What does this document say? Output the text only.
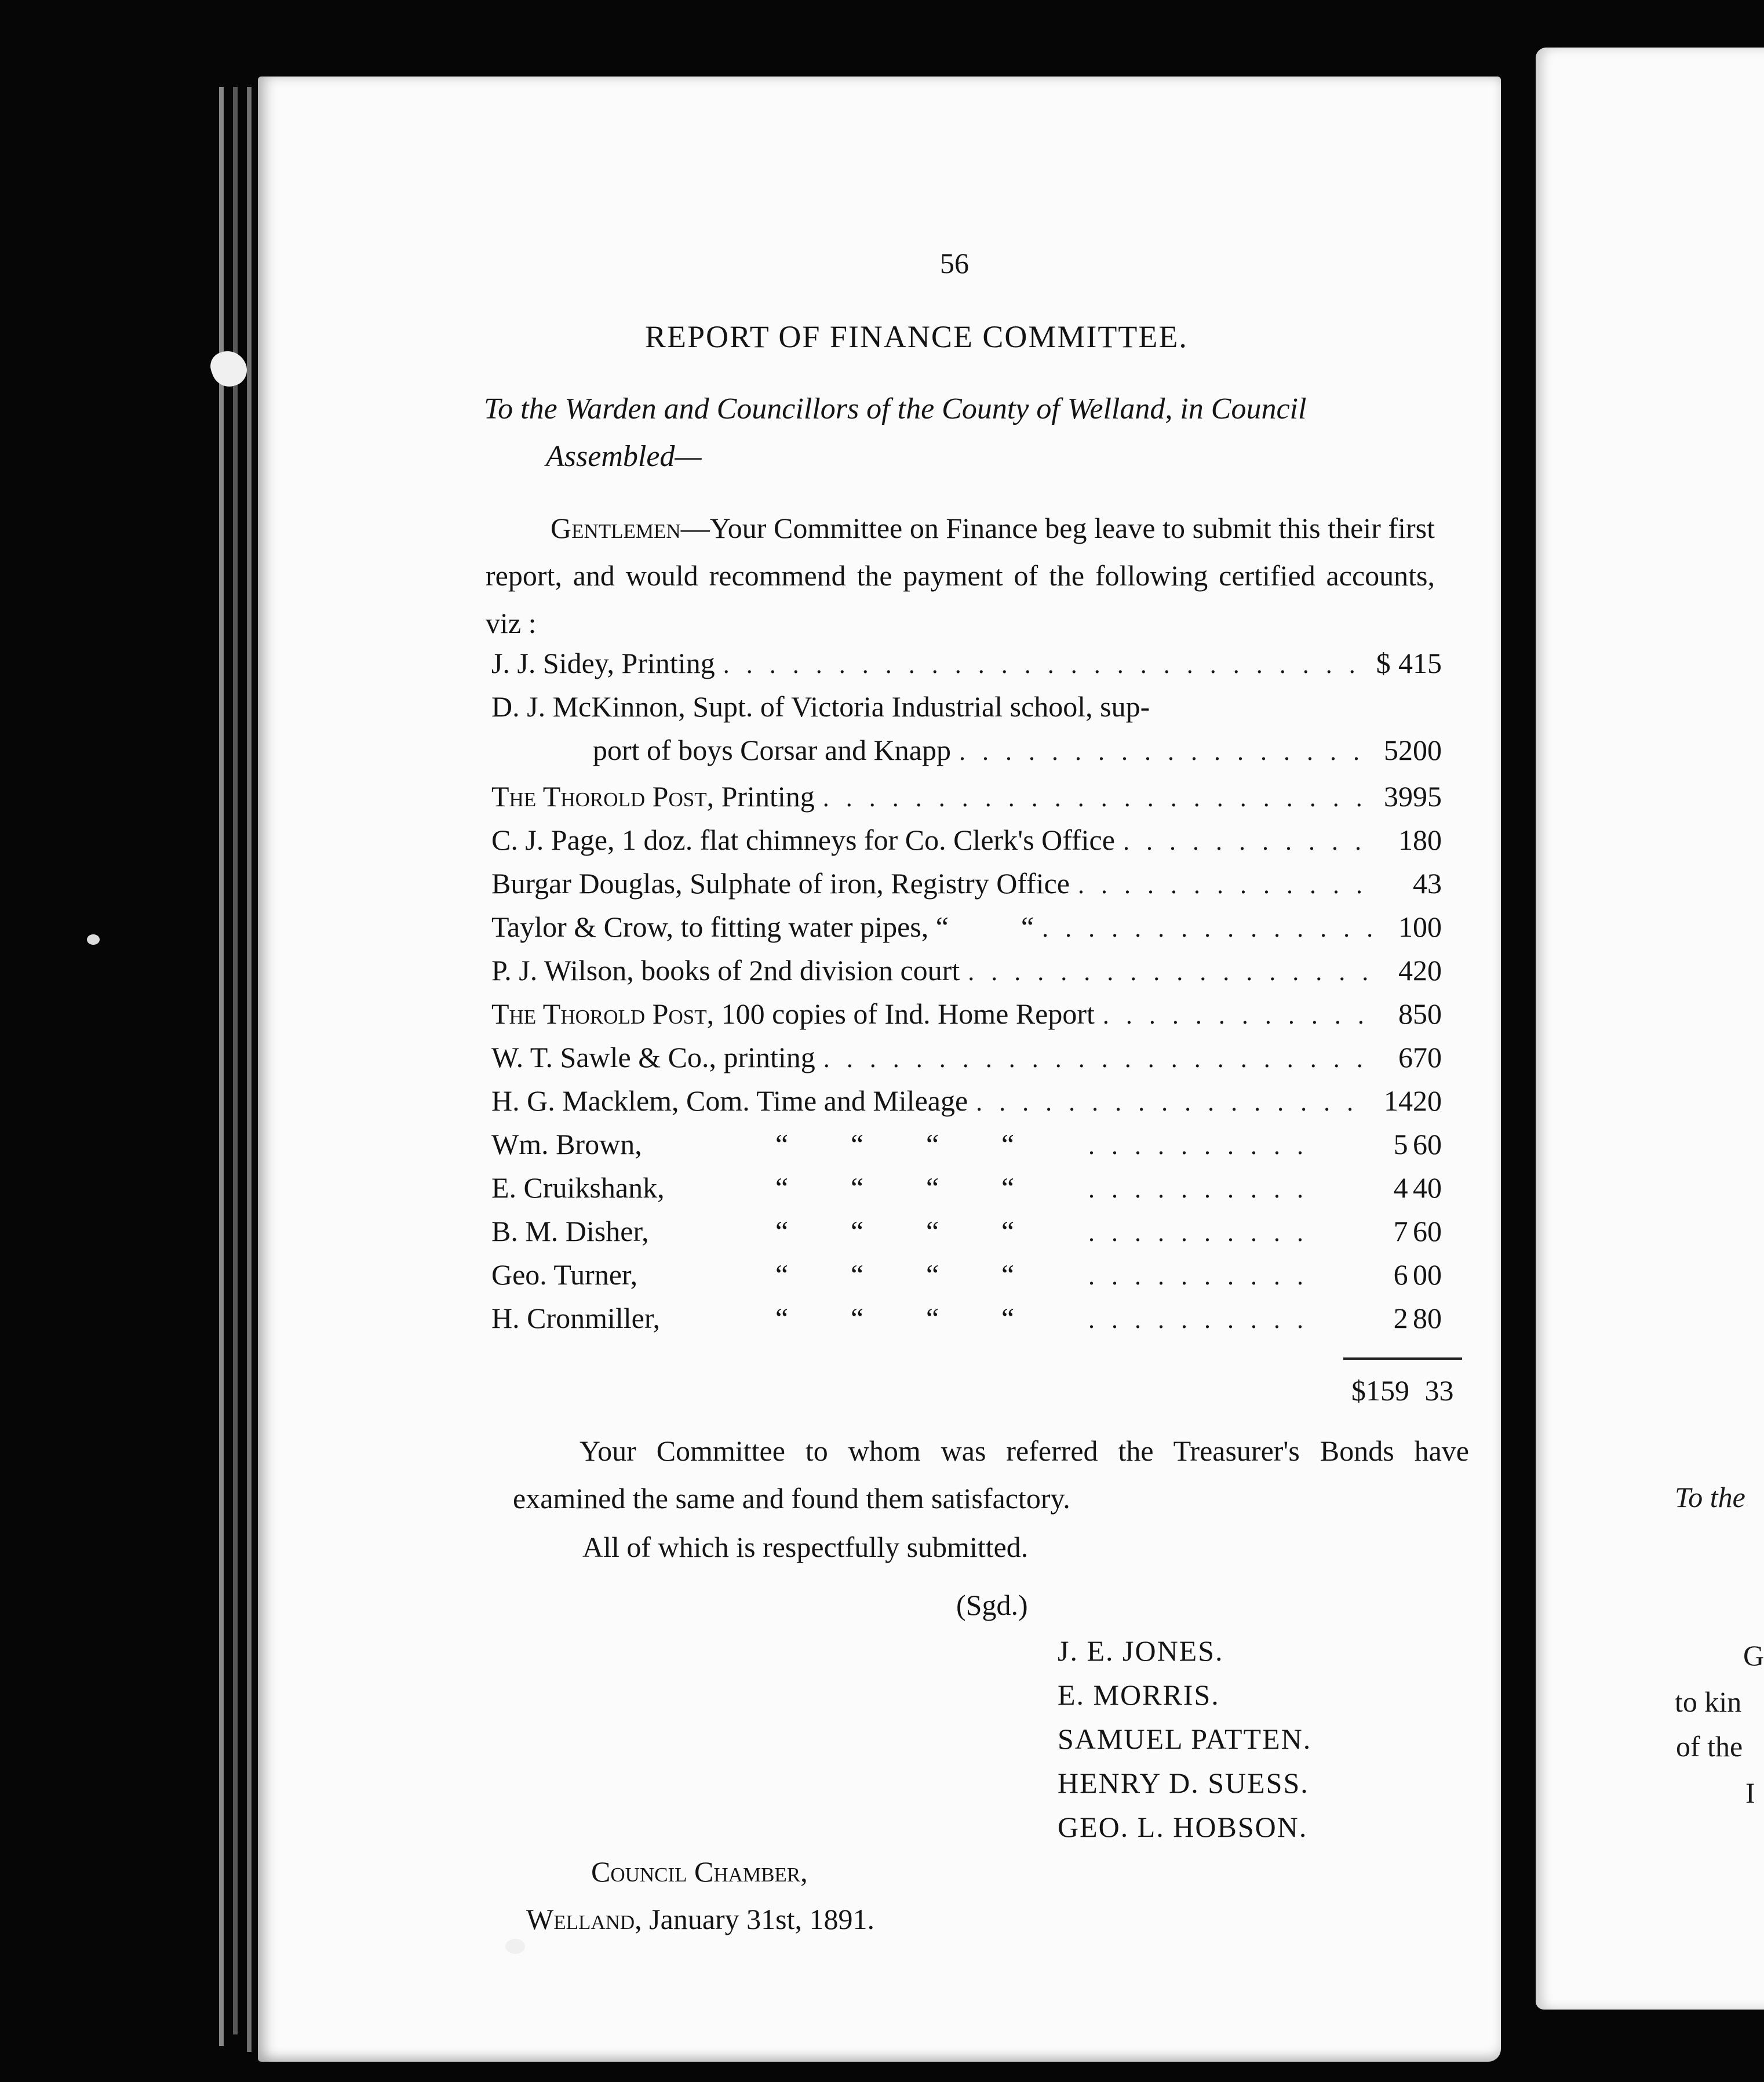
To the
G
to kin
of the
I
56
REPORT OF FINANCE COMMITTEE.
To the Warden and Councillors of the County of Welland, in Council
Assembled—
Gentlemen—Your Committee on Finance beg leave to submit this their first report, and would recommend the payment of the following certified accounts, viz :
J. J. Sidey, Printing . . .	$ 4 15
D. J. McKinnon, Supt. of Victoria Industrial school, sup-
port of boys Corsar and Knapp . . .	52 00
The Thorold Post, Printing . . .	39 95
C. J. Page, 1 doz. flat chimneys for Co. Clerk's Office . . .	1 80
Burgar Douglas, Sulphate of iron, Registry Office . . .	43
Taylor & Crow, to fitting water pipes, “          “ . . .	1 00
P. J. Wilson, books of 2nd division court . . .	4 20
The Thorold Post, 100 copies of Ind. Home Report . . .	8 50
W. T. Sawle & Co., printing . . .	6 70
H. G. Macklem, Com. Time and Mileage . . .	14 20
Wm. Brown,	“	“	“	“ . . .	5 60
E. Cruikshank,	“	“	“	“ . . .	4 40
B. M. Disher,	“	“	“	“ . . .	7 60
Geo. Turner,	“	“	“	“ . . .	6 00
H. Cronmiller,	“	“	“	“ . . .	2 80
$159 33
Your Committee to whom was referred the Treasurer's Bonds have examined the same and found them satisfactory.
All of which is respectfully submitted.
(Sgd.)
J. E. JONES.
E. MORRIS.
SAMUEL PATTEN.
HENRY D. SUESS.
GEO. L. HOBSON.
Council Chamber,
Welland, January 31st, 1891.
